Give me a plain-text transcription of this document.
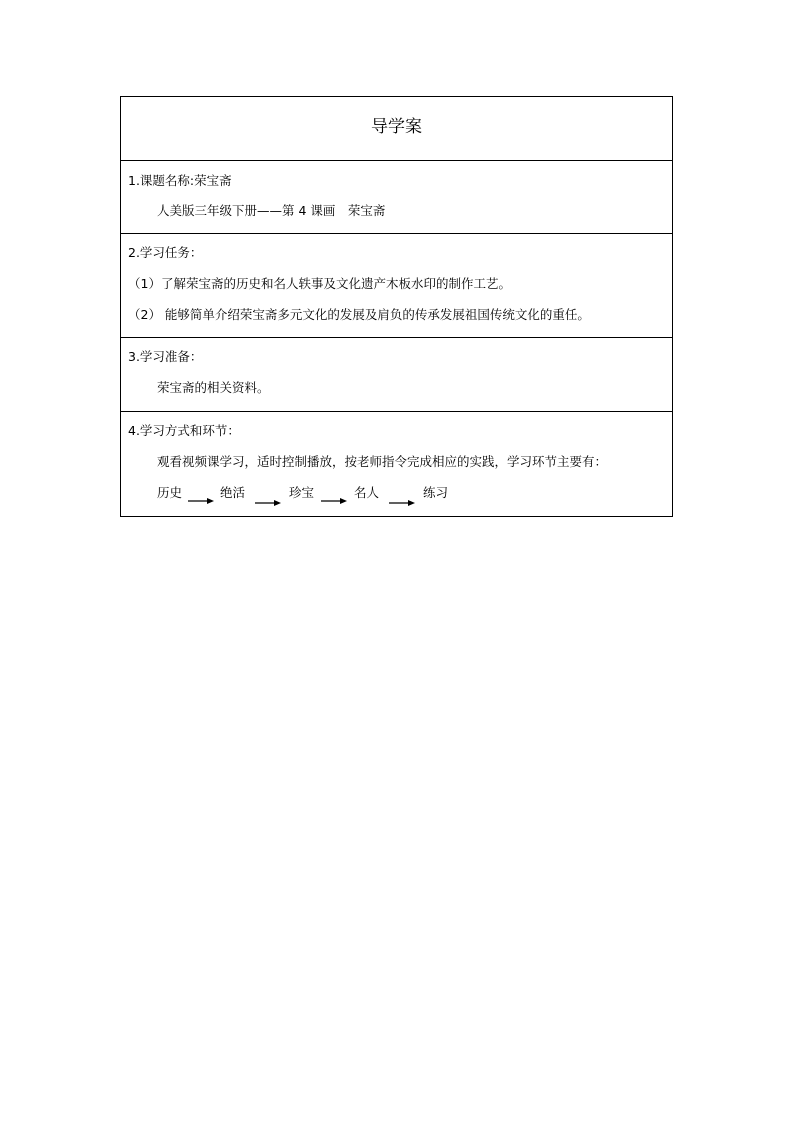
导学案
1.课题名称:荣宝斋
人美版三年级下册——第 4 课画　荣宝斋
2.学习任务：
（1）了解荣宝斋的历史和名人轶事及文化遗产木板水印的制作工艺。
（2） 能够简单介绍荣宝斋多元文化的发展及肩负的传承发展祖国传统文化的重任。
3.学习准备：
荣宝斋的相关资料。
4.学习方式和环节：
观看视频课学习，适时控制播放，按老师指令完成相应的实践，学习环节主要有：
历史	绝活	珍宝	名人	练习
